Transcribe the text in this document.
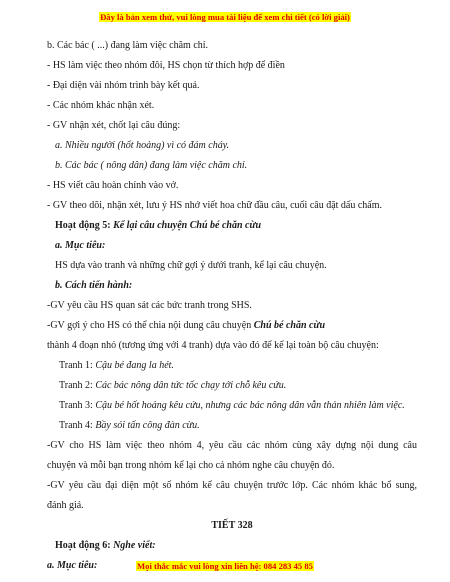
Đây là bản xem thử, vui lòng mua tài liệu để xem chi tiết (có lời giải)
b. Các bác ( ...) đang làm việc chăm chỉ.
- HS làm việc theo nhóm đôi, HS chọn từ thích hợp để điền
- Đại diện vài nhóm trình bày kết quả.
- Các nhóm khác nhận xét.
- GV nhận xét, chốt lại câu đúng:
a. Nhiều người (hốt hoảng) vì có đám cháy.
b. Các bác ( nông dân) đang làm việc chăm chỉ.
- HS viết câu hoàn chỉnh vào vở.
- GV theo dõi, nhận xét, lưu ý HS nhớ viết hoa chữ đầu câu, cuối câu đặt dấu chấm.
Hoạt động 5: Kể lại câu chuyện Chú bé chăn cừu
a. Mục tiêu:
HS dựa vào tranh và những chữ gợi ý dưới tranh, kể lại câu chuyện.
b. Cách tiến hành:
-GV yêu cầu HS quan sát các bức tranh trong SHS.
-GV gợi ý cho HS có thể chia nội dung câu chuyện Chú bé chăn cừu
thành 4 đoạn nhỏ (tương ứng với 4 tranh) dựa vào đó để kể lại toàn bộ câu chuyện:
Tranh 1: Cậu bé đang la hét.
Tranh 2: Các bác nông dân tức tốc chạy tới chỗ kêu cứu.
Tranh 3: Cậu bé hốt hoảng kêu cứu, nhưng các bác nông dân vẫn thản nhiên làm việc.
Tranh 4: Bầy sói tấn công đàn cừu.
-GV cho HS làm việc theo nhóm 4, yêu cầu các nhóm cùng xây dựng nội dung câu
chuyện và mỗi bạn trong nhóm kể lại cho cả nhóm nghe câu chuyện đó.
-GV yêu cầu đại diện một số nhóm kể câu chuyện trước lớp. Các nhóm khác bổ sung,
đánh giá.
TIẾT 328
Hoạt động 6: Nghe viết:
a. Mục tiêu:	Mọi thắc mắc vui lòng xin liên hệ: 084 283 45 85
